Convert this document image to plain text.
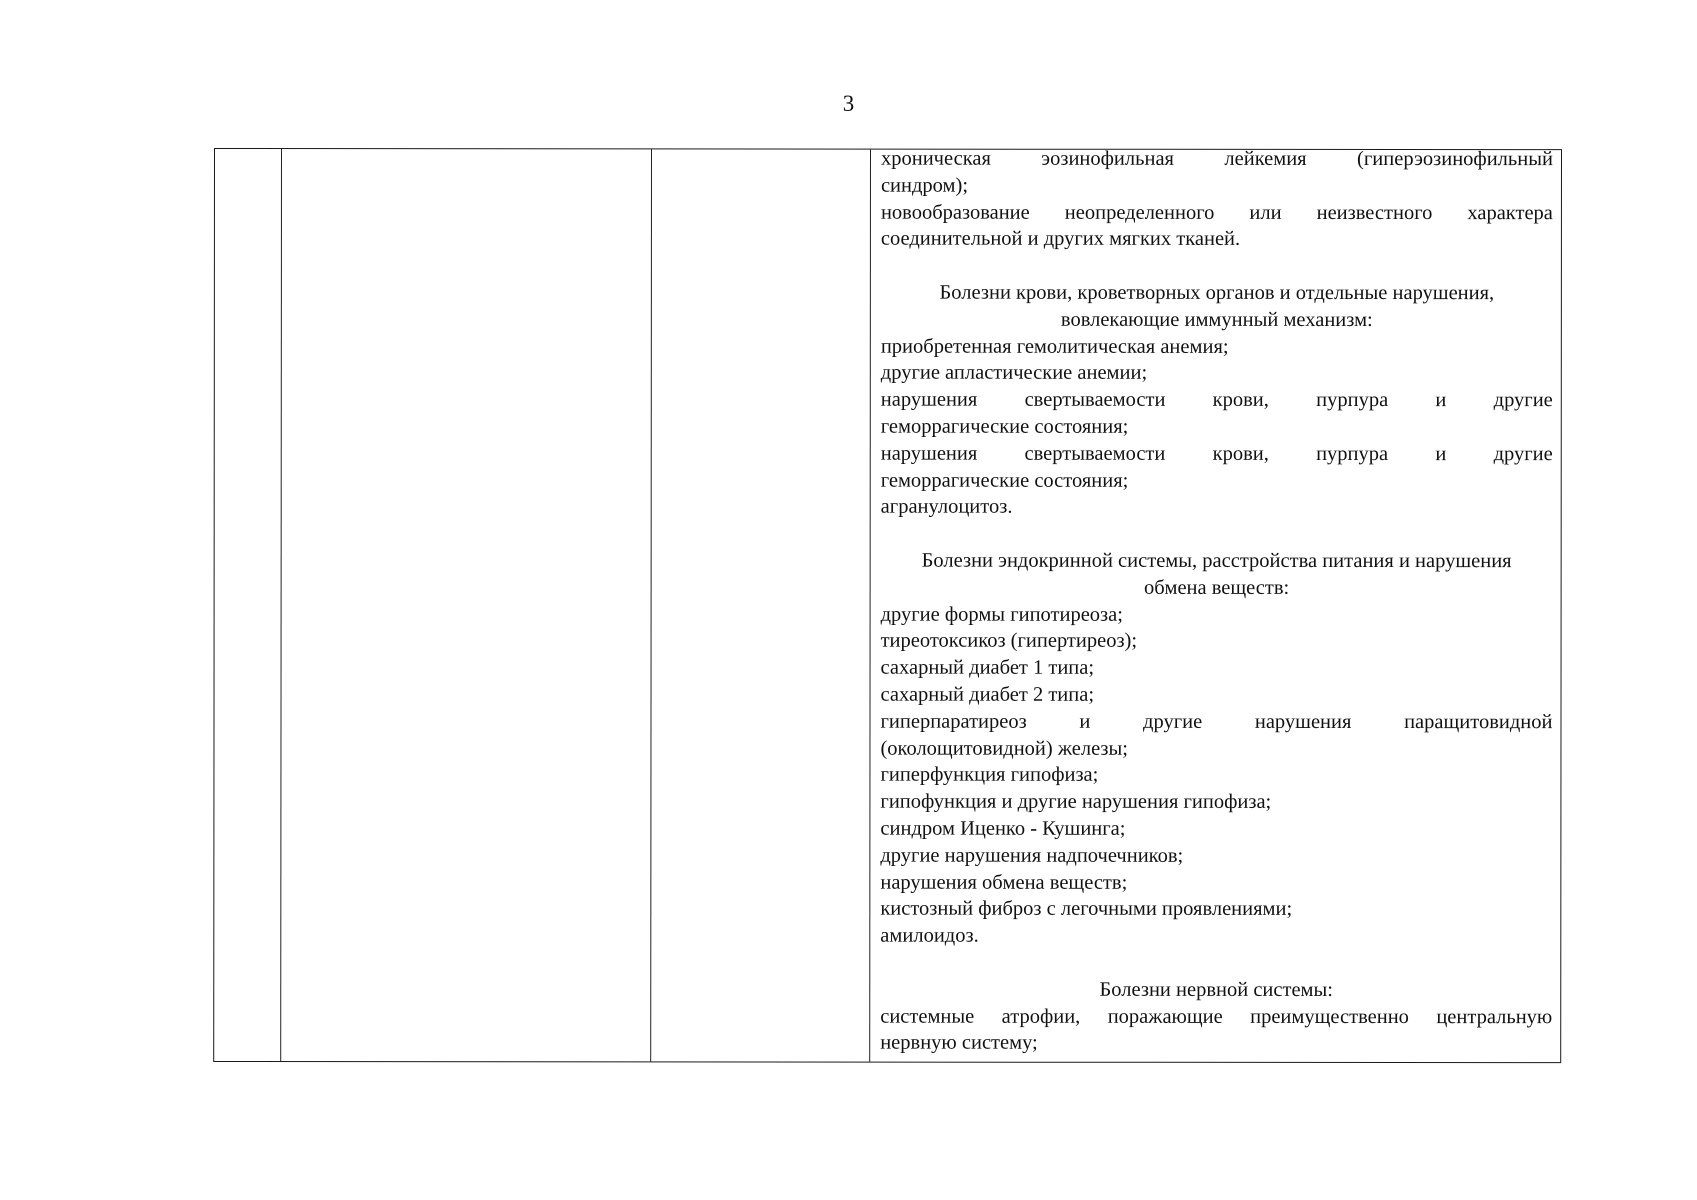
3
хроническая эозинофильная лейкемия (гиперэозинофильный
синдром);
новообразование неопределенного или неизвестного характера
соединительной и других мягких тканей.
Болезни крови, кроветворных органов и отдельные нарушения,
вовлекающие иммунный механизм:
приобретенная гемолитическая анемия;
другие апластические анемии;
нарушения свертываемости крови, пурпура и другие
геморрагические состояния;
нарушения свертываемости крови, пурпура и другие
геморрагические состояния;
агранулоцитоз.
Болезни эндокринной системы, расстройства питания и нарушения
обмена веществ:
другие формы гипотиреоза;
тиреотоксикоз (гипертиреоз);
сахарный диабет 1 типа;
сахарный диабет 2 типа;
гиперпаратиреоз	и	другие	нарушения	паращитовидной
(околощитовидной) железы;
гиперфункция гипофиза;
гипофункция и другие нарушения гипофиза;
синдром Иценко - Кушинга;
другие нарушения надпочечников;
нарушения обмена веществ;
кистозный фиброз с легочными проявлениями;
амилоидоз.
Болезни нервной системы:
системные атрофии, поражающие преимущественно центральную
нервную систему;
